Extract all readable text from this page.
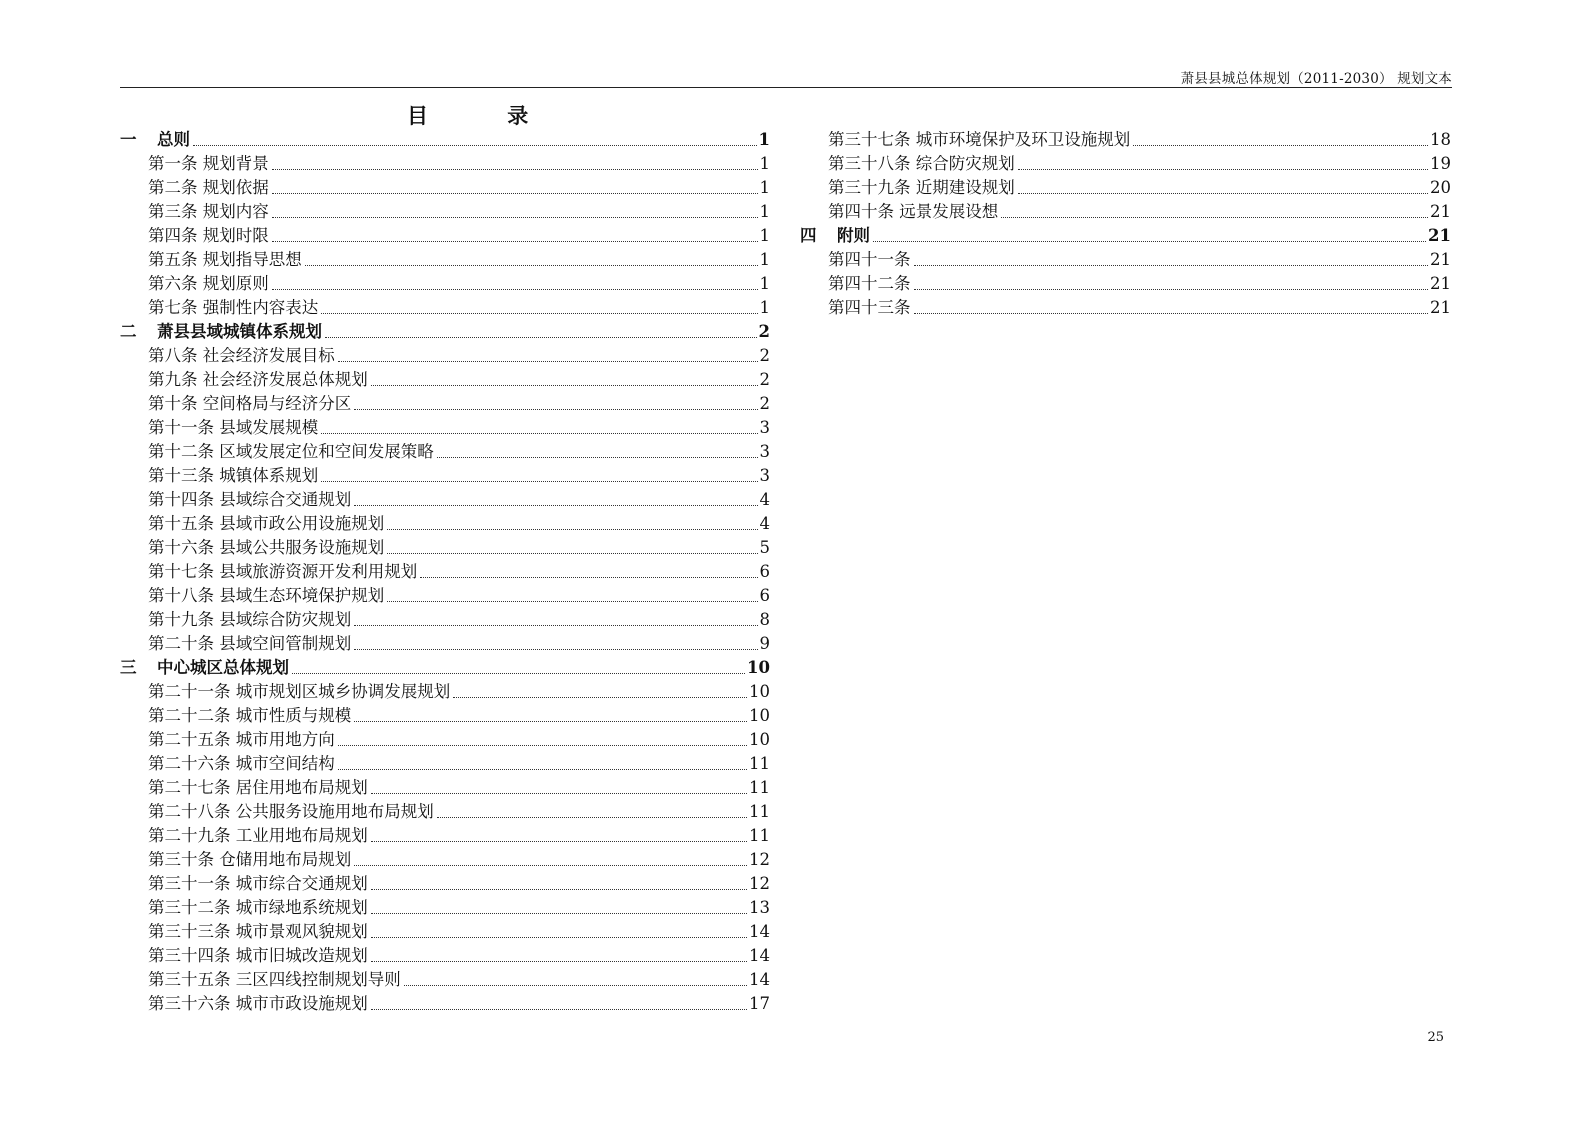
萧县县城总体规划（2011-2030） 规划文本
目 录
一	总则	1
第一条 规划背景	1
第二条 规划依据	1
第三条 规划内容	1
第四条 规划时限	1
第五条 规划指导思想	1
第六条 规划原则	1
第七条 强制性内容表达	1
二	萧县县域城镇体系规划	2
第八条 社会经济发展目标	2
第九条 社会经济发展总体规划	2
第十条 空间格局与经济分区	2
第十一条 县域发展规模	3
第十二条 区域发展定位和空间发展策略	3
第十三条 城镇体系规划	3
第十四条 县域综合交通规划	4
第十五条 县域市政公用设施规划	4
第十六条 县域公共服务设施规划	5
第十七条 县域旅游资源开发利用规划	6
第十八条 县域生态环境保护规划	6
第十九条 县域综合防灾规划	8
第二十条 县域空间管制规划	9
三	中心城区总体规划	10
第二十一条 城市规划区城乡协调发展规划	10
第二十二条 城市性质与规模	10
第二十五条 城市用地方向	10
第二十六条 城市空间结构	11
第二十七条 居住用地布局规划	11
第二十八条 公共服务设施用地布局规划	11
第二十九条 工业用地布局规划	11
第三十条 仓储用地布局规划	12
第三十一条 城市综合交通规划	12
第三十二条 城市绿地系统规划	13
第三十三条 城市景观风貌规划	14
第三十四条 城市旧城改造规划	14
第三十五条 三区四线控制规划导则	14
第三十六条 城市市政设施规划	17
第三十七条 城市环境保护及环卫设施规划	18
第三十八条 综合防灾规划	19
第三十九条 近期建设规划	20
第四十条 远景发展设想	21
四	附则	21
第四十一条	21
第四十二条	21
第四十三条	21
25
